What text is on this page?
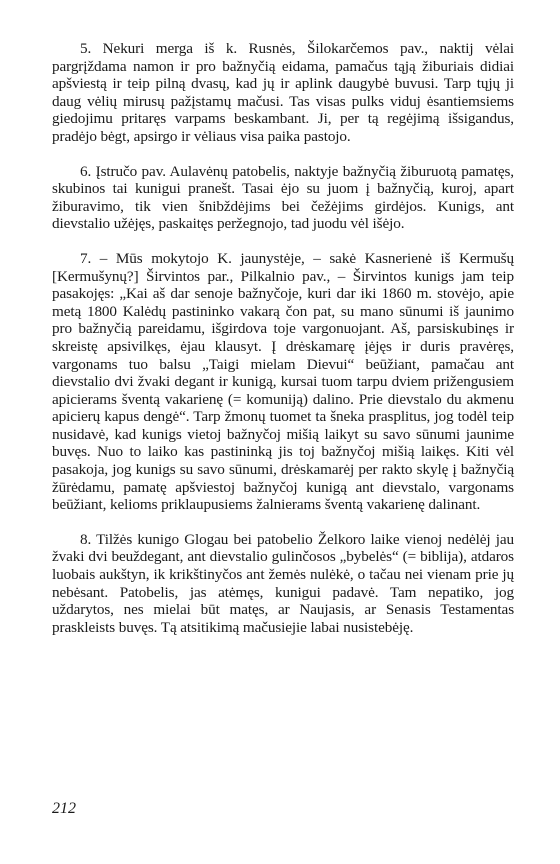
5. Nekuri merga iš k. Rusnės, Šilokarčemos pav., naktij vėlai pargrįždama namon ir pro bažnyčią eidama, pamačus tąją žiburiais didiai apšviestą ir teip pilną dvasų, kad jų ir aplink daugybė buvusi. Tarp tųjų ji daug vėlių mirusų pažįstamų mačusi. Tas visas pulks viduj ėsantiemsiems giedojimu pritaręs varpams beskambant. Ji, per tą regėjimą išsigandus, pradėjo bėgt, apsirgo ir vėliaus visa paika pastojo.

6. Įstručo pav. Aulavėnų patobelis, naktyje bažnyčią žiburuotą pamatęs, skubinos tai kunigui pranešt. Tasai ėjo su juom į bažnyčią, kuroj, apart žiburavimo, tik vien šnibždėjims bei čežėjims girdėjos. Kunigs, ant dievstalio užėjęs, paskaitęs peržegnojo, tad juodu vėl išėjo.

7. – Mūs mokytojo K. jaunystėje, – sakė Kasnerienė iš Kermušų [Kermušynų?] Širvintos par., Pilkalnio pav., – Širvintos kunigs jam teip pasakojęs: „Kai aš dar senoje bažnyčoje, kuri dar iki 1860 m. stovėjo, apie metą 1800 Kalėdų pastininko vakarą čon pat, su mano sūnumi iš jaunimo pro bažnyčią pareidamu, išgirdova toje vargonuojant. Aš, parsiskubinęs ir skreistę apsivilkęs, ėjau klausyt. Į drėskamarę įėjęs ir duris pravėręs, vargonams tuo balsu „Taigi mielam Dievui“ beūžiant, pamačau ant dievstalio dvi žvaki degant ir kunigą, kursai tuom tarpu dviem prižengusiem apicierams šventą vakarienę (= komuniją) dalino. Prie dievstalo du akmenu apicierų kapus dengė“. Tarp žmonų tuomet ta šneka prasplitus, jog todėl teip nusidavė, kad kunigs vietoj bažnyčoj mišią laikyt su savo sūnumi jaunime buvęs. Nuo to laiko kas pastininką jis toj bažnyčoj mišią laikęs. Kiti vėl pasakoja, jog kunigs su savo sūnumi, drėskamarėj per rakto skylę į bažnyčią žūrėdamu, pamatę apšviestoj bažnyčoj kunigą ant dievstalo, vargonams beūžiant, kelioms priklaupusiems žalnierams šventą vakarienę dalinant.

8. Tilžės kunigo Glogau bei patobelio Želkoro laike vienoj nedėlėj jau žvaki dvi beuždegant, ant dievstalio gulinčosos „bybelės“ (= biblija), atdaros luobais aukštyn, ik krikštinyčos ant žemės nulėkė, o tačau nei vienam prie jų nebėsant. Patobelis, jas atėmęs, kunigui padavė. Tam nepatiko, jog uždarytos, nes mielai būt matęs, ar Naujasis, ar Senasis Testamentas praskleists buvęs. Tą atsitikimą mačusiejie labai nusistebėję.

212
